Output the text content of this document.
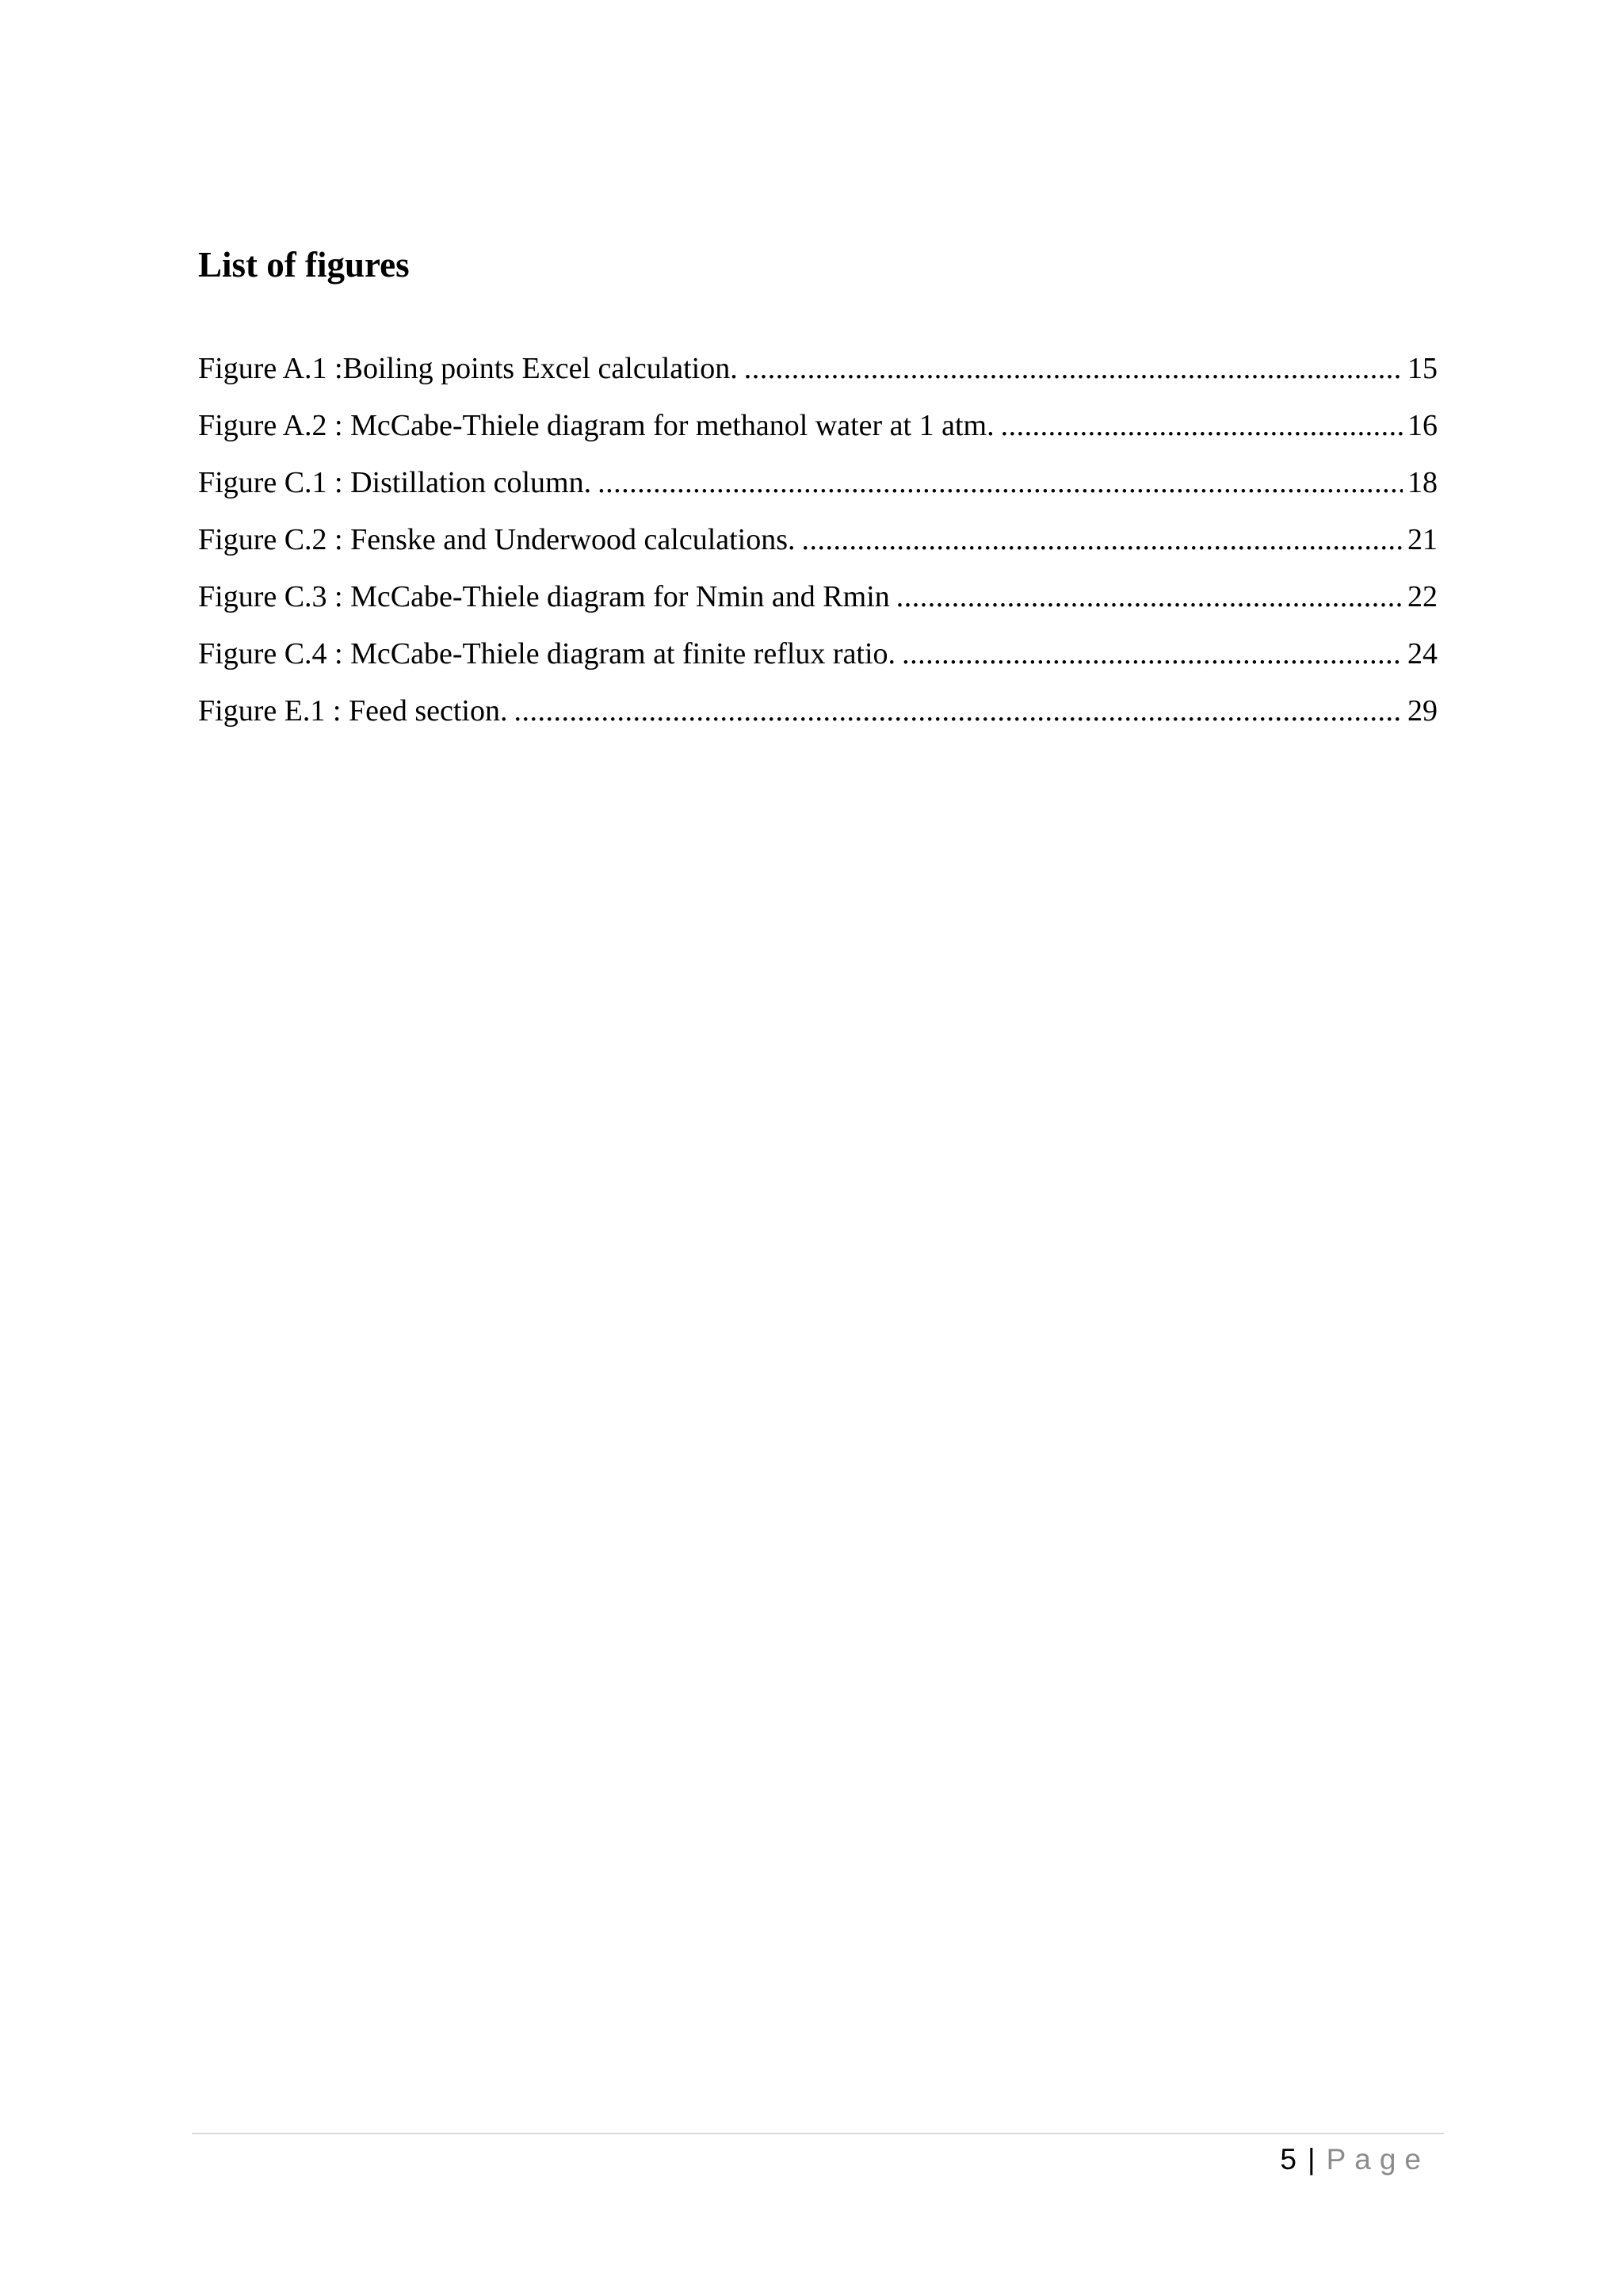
List of figures
Figure A.1 :Boiling points Excel calculation. .....	15
Figure A.2 : McCabe-Thiele diagram for methanol water at 1 atm. .....	16
Figure C.1 : Distillation column. .....	18
Figure C.2 : Fenske and Underwood calculations. .....	21
Figure C.3 : McCabe-Thiele diagram for Nmin and Rmin .....	22
Figure C.4 : McCabe-Thiele diagram at finite reflux ratio. .....	24
Figure E.1 : Feed section. .....	29
5 | Page
